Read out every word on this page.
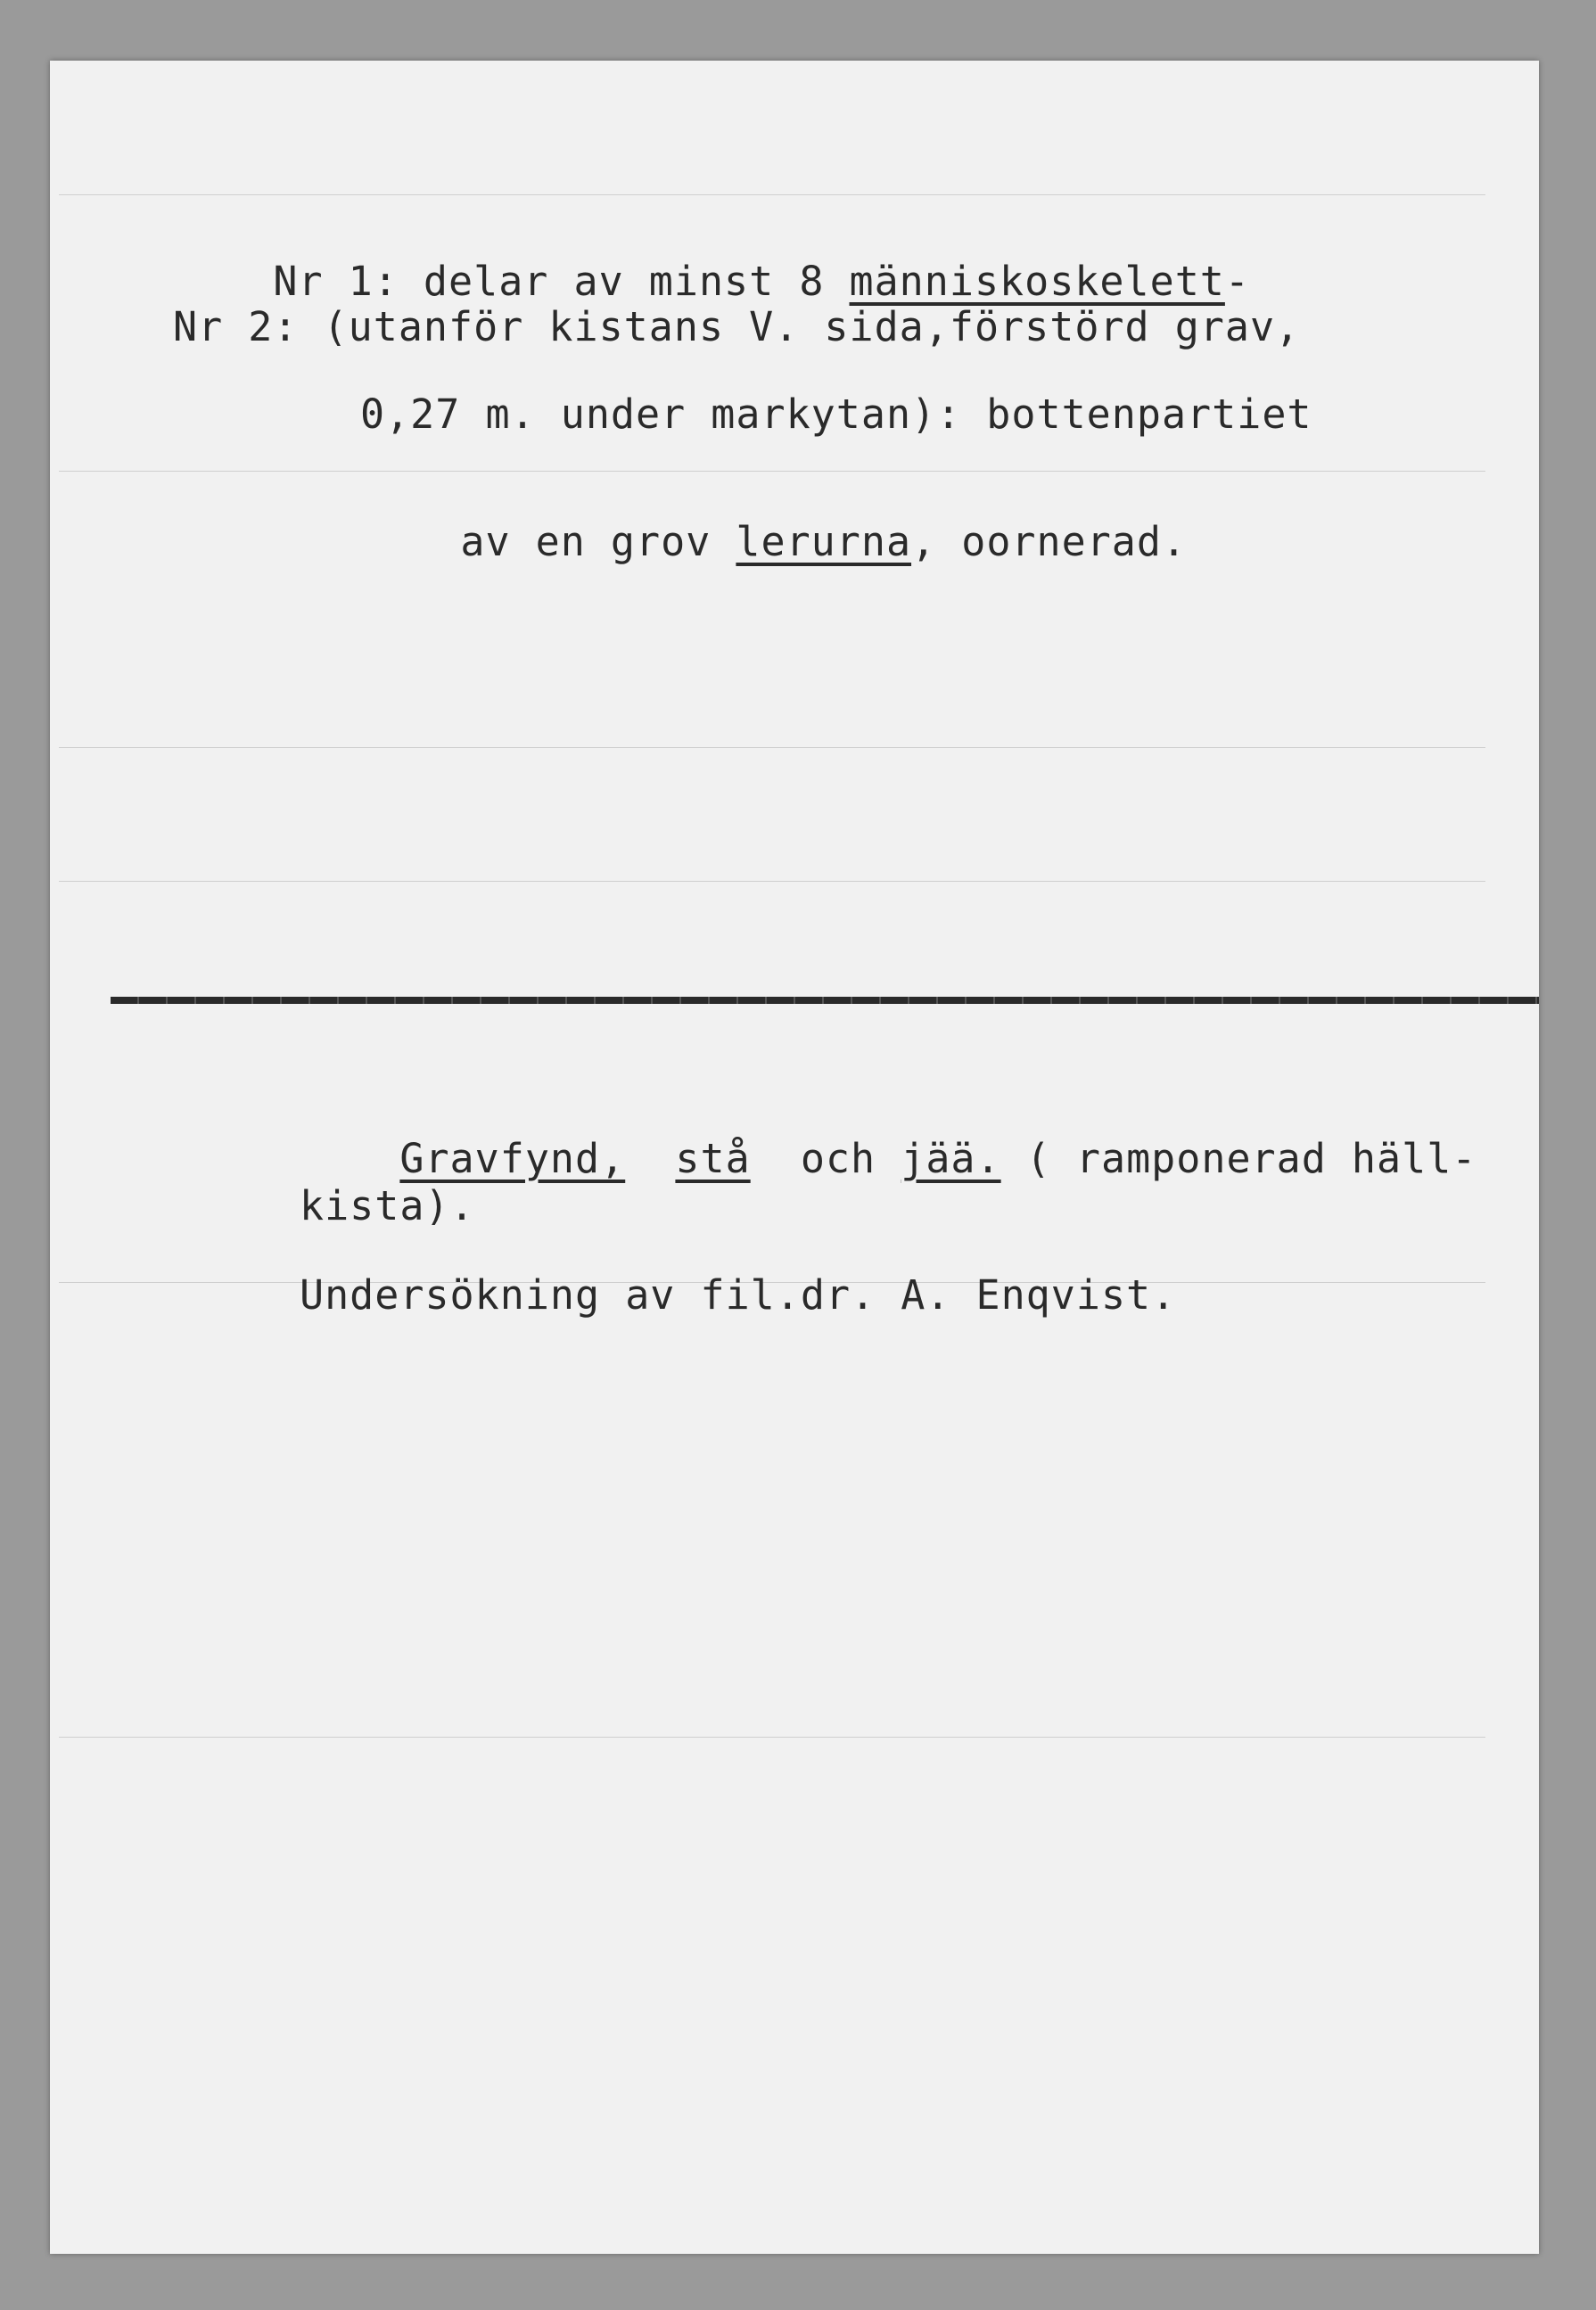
Nr 1: delar av minst 8 människoskelett-

Nr 2: (utanför kistans V. sida,förstörd grav,
0,27 m. under markytan): bottenpartiet

av en grov lerurna, oornerad.

Gravfynd, stå  och jää. ( ramponerad häll-

kista).
Undersökning av fil.dr. A. Enqvist.
